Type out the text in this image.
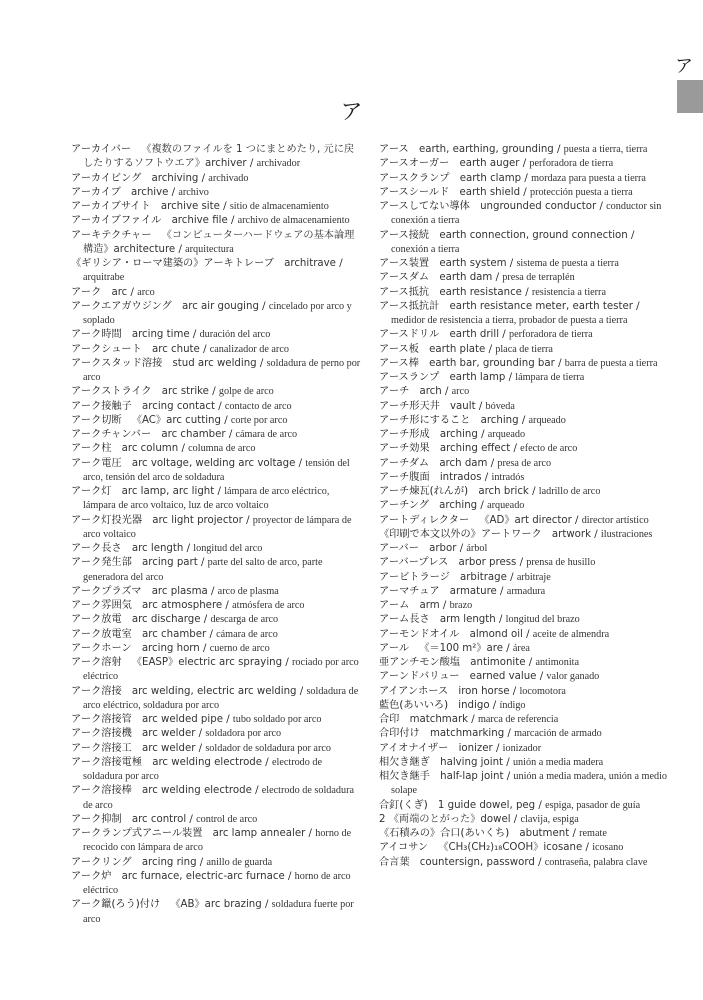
ア
ア

アーカイバー  《複数のファイルを 1 つにまとめたり, 元に戻したりするソフトウエア》archiver / archivador

アーカイビング  archiving / archivado

アーカイブ  archive / archivo

アーカイブサイト  archive site / sitio de almacenamiento

アーカイブファイル  archive file / archivo de almacenamiento

アーキテクチャー  《コンピューターハードウェアの基本論理構造》architecture / arquitectura

《ギリシア・ローマ建築の》アーキトレーブ  architrave / arquitrabe

アーク  arc / arco

アークエアガウジング  arc air gouging / cincelado por arco y soplado

アーク時間  arcing time / duración del arco

アークシュート  arc chute / canalizador de arco

アークスタッド溶接  stud arc welding / soldadura de perno por arco

アークストライク  arc strike / golpe de arco

アーク接触子  arcing contact / contacto de arco

アーク切断  《AC》arc cutting / corte por arco

アークチャンバー  arc chamber / cámara de arco

アーク柱  arc column / columna de arco

アーク電圧  arc voltage, welding arc voltage / tensión del arco, tensión del arco de soldadura

アーク灯  arc lamp, arc light / lámpara de arco eléctrico, lámpara de arco voltaico, luz de arco voltaico

アーク灯投光器  arc light projector / proyector de lámpara de arco voltaico

アーク長さ  arc length / longitud del arco

アーク発生部  arcing part / parte del salto de arco, parte generadora del arco

アークプラズマ  arc plasma / arco de plasma

アーク雰囲気  arc atmosphere / atmósfera de arco

アーク放電  arc discharge / descarga de arco

アーク放電室  arc chamber / cámara de arco

アークホーン  arcing horn / cuerno de arco

アーク溶射  《EASP》electric arc spraying / rociado por arco eléctrico

アーク溶接  arc welding, electric arc welding / soldadura de arco eléctrico, soldadura por arco

アーク溶接管  arc welded pipe / tubo soldado por arco

アーク溶接機  arc welder / soldadora por arco

アーク溶接工  arc welder / soldador de soldadura por arco

アーク溶接電極  arc welding electrode / electrodo de soldadura por arco

アーク溶接棒  arc welding electrode / electrodo de soldadura de arco

アーク抑制  arc control / control de arco

アークランプ式アニール装置  arc lamp annealer / horno de recocido con lámpara de arco

アークリング  arcing ring / anillo de guarda

アーク炉  arc furnace, electric-arc furnace / horno de arco eléctrico

アーク鑞(ろう)付け  《AB》arc brazing / soldadura fuerte por arco

アース  earth, earthing, grounding / puesta a tierra, tierra

アースオーガー  earth auger / perforadora de tierra

アースクランプ  earth clamp / mordaza para puesta a tierra

アースシールド  earth shield / protección puesta a tierra

アースしてない導体  ungrounded conductor / conductor sin conexión a tierra

アース接続  earth connection, ground connection / conexión a tierra

アース装置  earth system / sistema de puesta a tierra

アースダム  earth dam / presa de terraplén

アース抵抗  earth resistance / resistencia a tierra

アース抵抗計  earth resistance meter, earth tester / medidor de resistencia a tierra, probador de puesta a tierra

アースドリル  earth drill / perforadora de tierra

アース板  earth plate / placa de tierra

アース棒  earth bar, grounding bar / barra de puesta a tierra

アースランプ  earth lamp / lámpara de tierra

アーチ  arch / arco

アーチ形天井  vault / bóveda

アーチ形にすること  arching / arqueado

アーチ形成  arching / arqueado

アーチ効果  arching effect / efecto de arco

アーチダム  arch dam / presa de arco

アーチ腹面  intrados / intradós

アーチ煉瓦(れんが)  arch brick / ladrillo de arco

アーチング  arching / arqueado

アートディレクター  《AD》art director / director artístico

《印刷で本文以外の》アートワーク  artwork / ilustraciones

アーバー  arbor / árbol

アーバープレス  arbor press / prensa de husillo

アービトラージ  arbitrage / arbitraje

アーマチュア  armature / armadura

アーム  arm / brazo

アーム長さ  arm length / longitud del brazo

アーモンドオイル  almond oil / aceite de almendra

アール  《＝100 m²》are / área

亜アンチモン酸塩  antimonite / antimonita

アーンドバリュー  earned value / valor ganado

アイアンホース  iron horse / locomotora

藍色(あいいろ)  indigo / índigo

合印  matchmark / marca de referencia

合印付け  matchmarking / marcación de armado

アイオナイザー  ionizer / ionizador

相欠き継ぎ  halving joint / unión a media madera

相欠き継手  half-lap joint / unión a media madera, unión a medio solape

合釘(くぎ)  1 guide dowel, peg / espiga, pasador de guía

2 《両端のとがった》dowel / clavija, espiga

《石積みの》合口(あいくち)  abutment / remate

アイコサン  《CH₃(CH₂)₁₈COOH》icosane / icosano

合言葉  countersign, password / contraseña, palabra clave
